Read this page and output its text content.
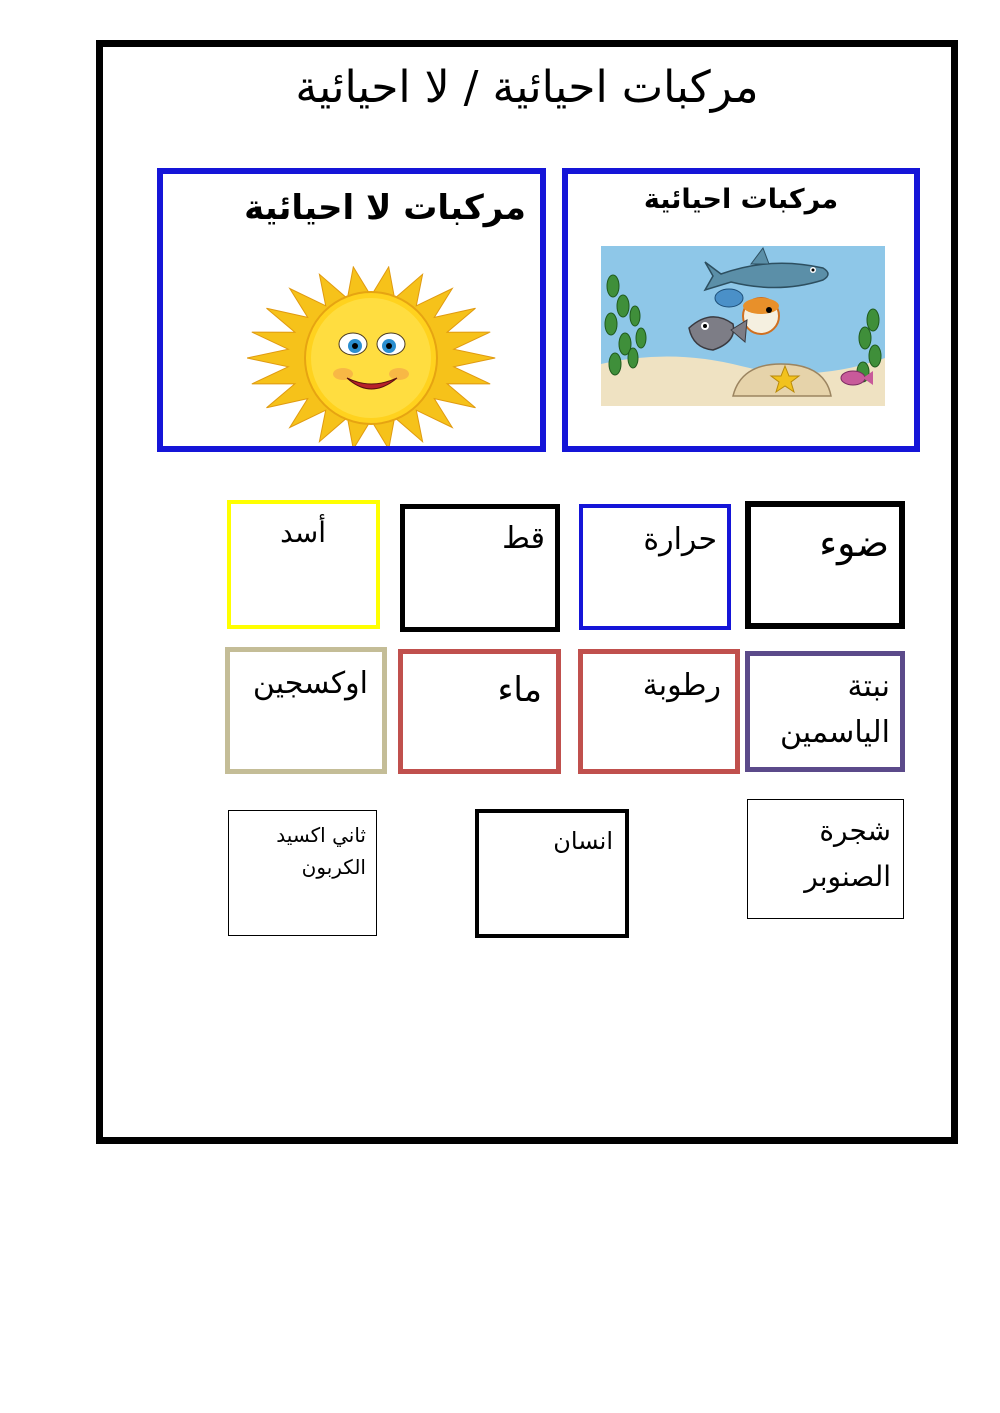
مركبات احيائية / لا احيائية
مركبات احيائية
مركبات لا احيائية
ضوء
حرارة
قط
أسد
نبتة
الياسمين
رطوبة
ماء
اوكسجين
شجرة
الصنوبر
انسان
ثاني اكسيد
الكربون
